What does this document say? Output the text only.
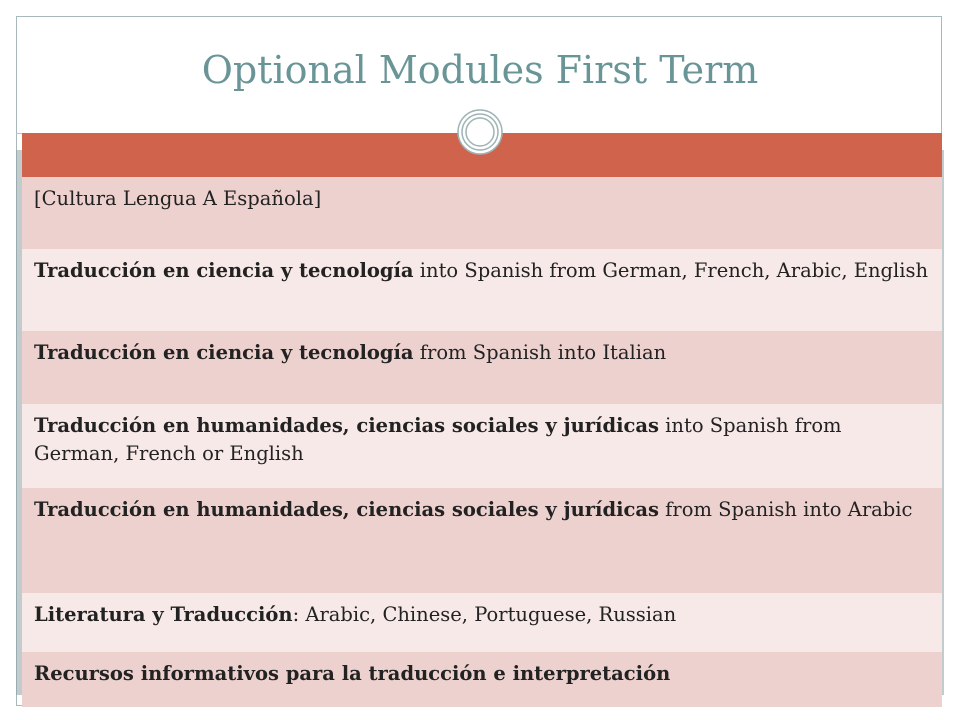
Optional Modules First Term
[Cultura Lengua A Española]
Traducción en ciencia y tecnología into Spanish from German, French, Arabic, English
Traducción en ciencia y tecnología from Spanish into Italian
Traducción en humanidades, ciencias sociales y jurídicas into Spanish from German, French or English
Traducción en humanidades, ciencias sociales y jurídicas from Spanish into Arabic
Literatura y Traducción: Arabic, Chinese, Portuguese, Russian
Recursos informativos para la traducción e interpretación
